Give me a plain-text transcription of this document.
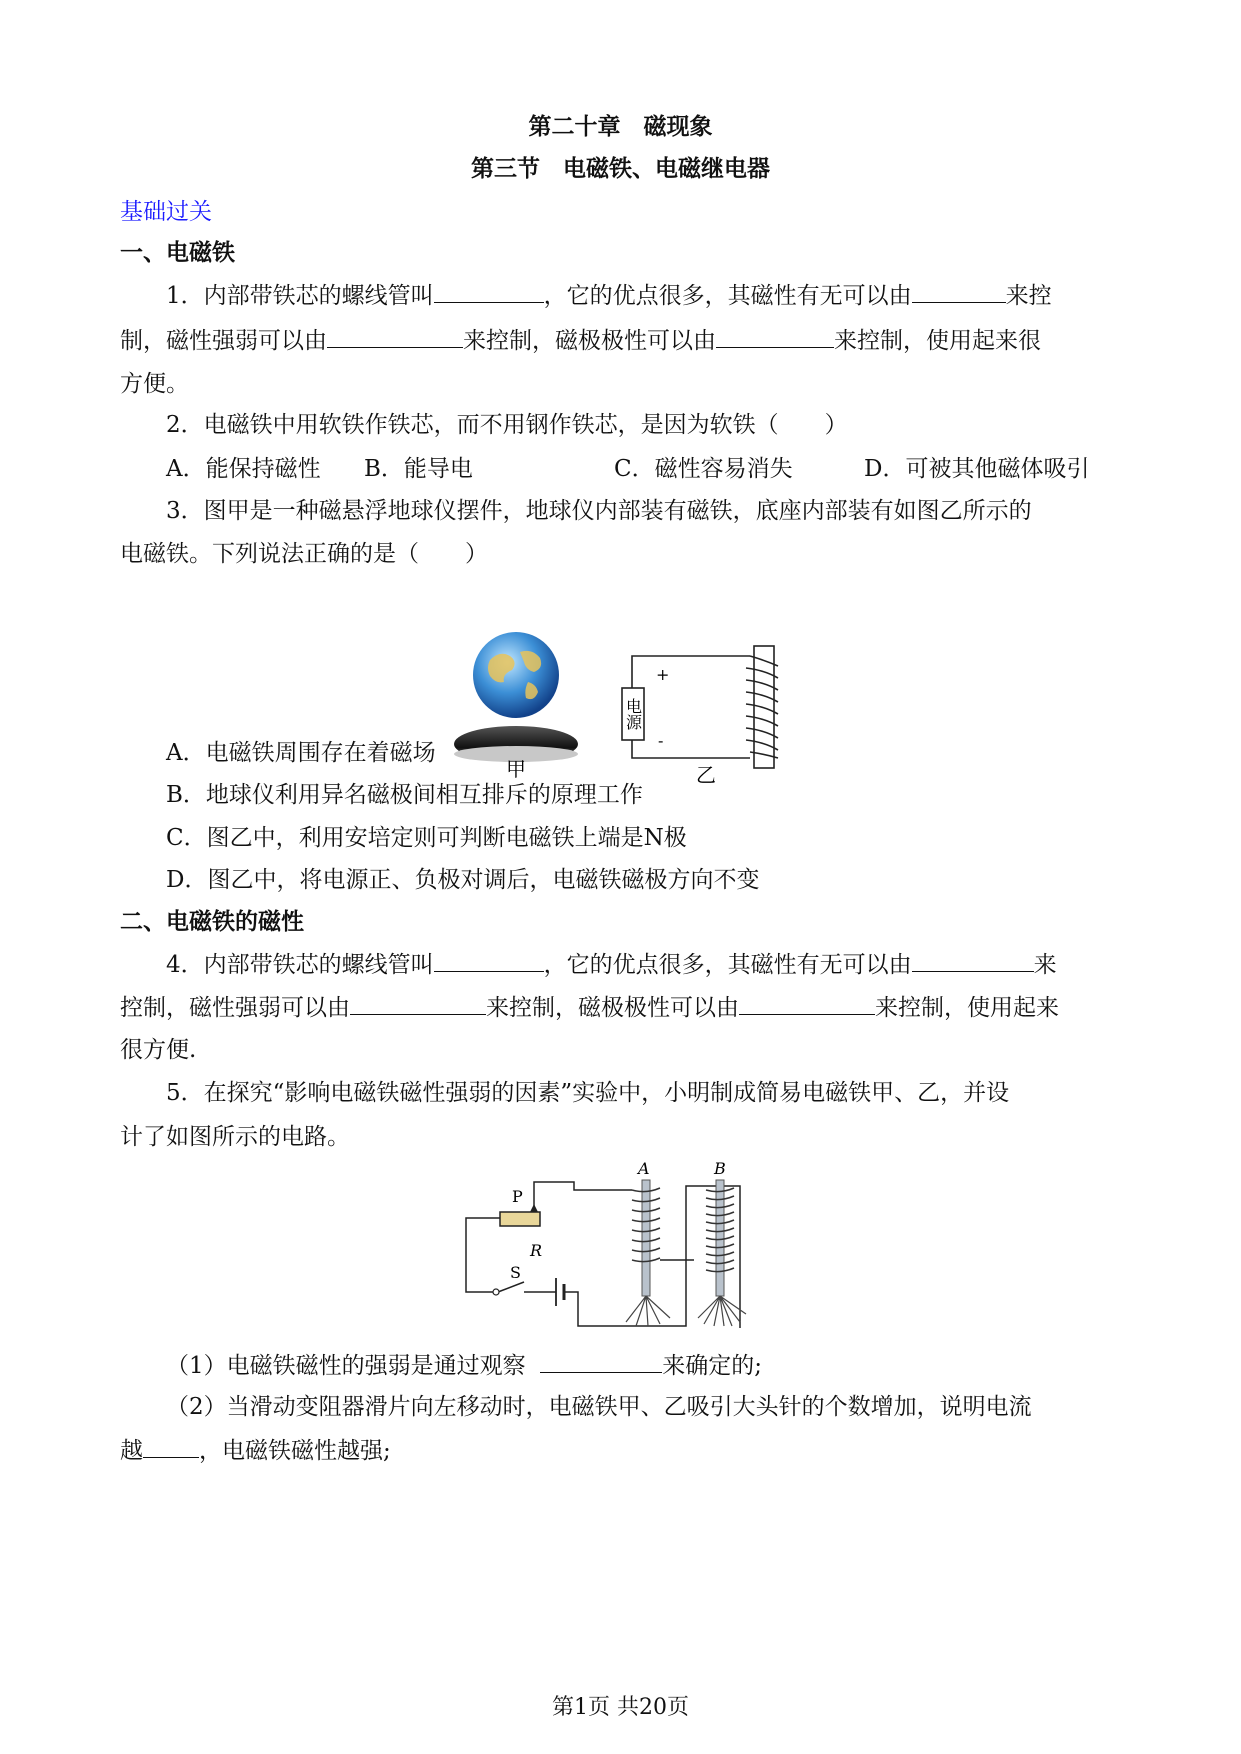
第二十章　磁现象
第三节　电磁铁、电磁继电器
基础过关
一、电磁铁
1．内部带铁芯的螺线管叫	，它的优点很多，其磁性有无可以由	来控
制，磁性强弱可以由	来控制，磁极极性可以由	来控制，使用起来很
方便。
2．电磁铁中用软铁作铁芯，而不用钢作铁芯，是因为软铁（　　）
A．能保持磁性 B．能导电	C．磁性容易消失	D．可被其他磁体吸引
3．图甲是一种磁悬浮地球仪摆件，地球仪内部装有磁铁，底座内部装有如图乙所示的
电磁铁。下列说法正确的是（　　）
甲
电源
+
-
乙
A．电磁铁周围存在着磁场
B．地球仪利用异名磁极间相互排斥的原理工作
C．图乙中，利用安培定则可判断电磁铁上端是N极
D．图乙中，将电源正、负极对调后，电磁铁磁极方向不变
二、电磁铁的磁性
4．内部带铁芯的螺线管叫	，它的优点很多，其磁性有无可以由	来
控制，磁性强弱可以由	来控制，磁极极性可以由	来控制，使用起来
很方便.
5．在探究“影响电磁铁磁性强弱的因素”实验中，小明制成简易电磁铁甲、乙，并设
计了如图所示的电路。
P
R
S
A	B
（1）电磁铁磁性的强弱是通过观察	来确定的;
（2）当滑动变阻器滑片向左移动时，电磁铁甲、乙吸引大头针的个数增加，说明电流
越 ，电磁铁磁性越强;
第1页 共20页
